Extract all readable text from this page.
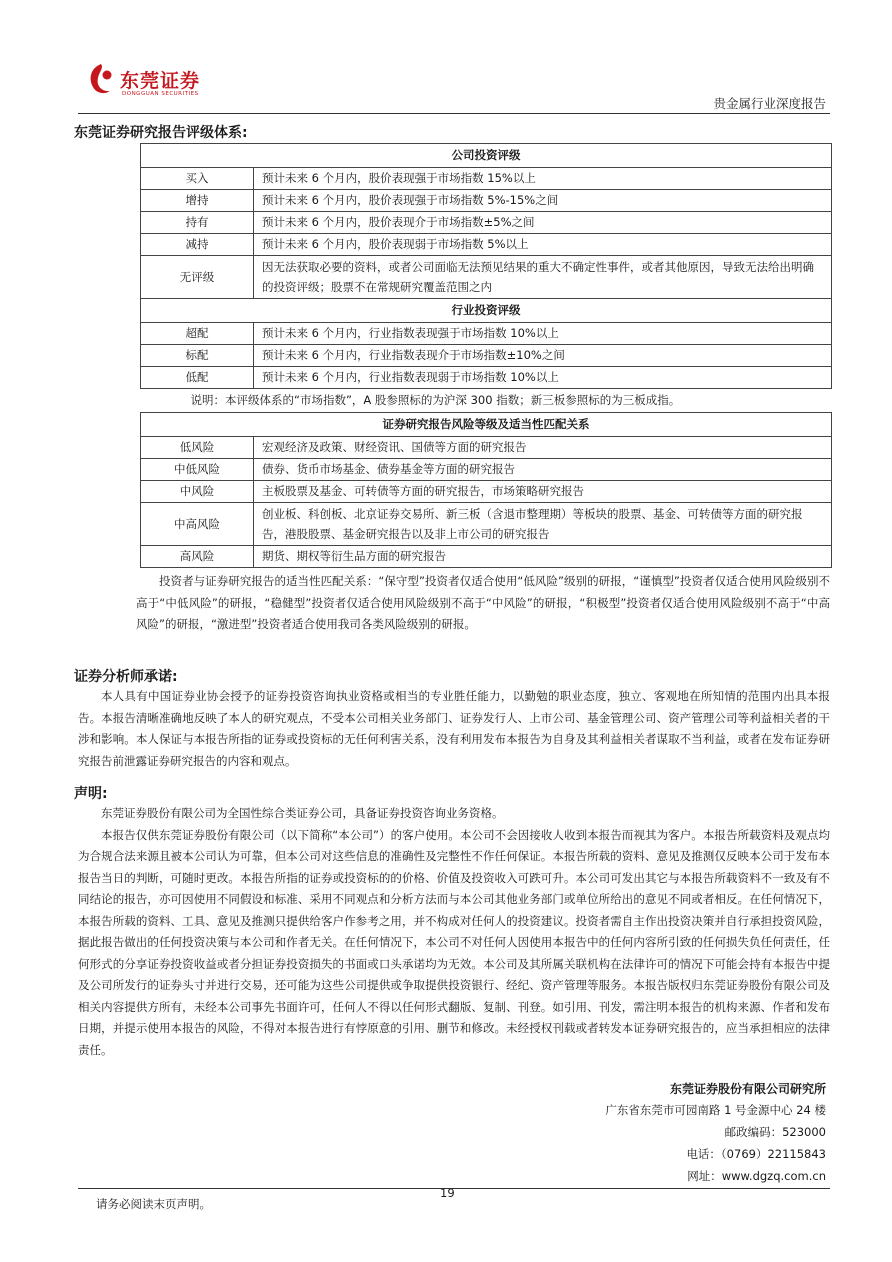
东莞证券
DONGGUAN SECURITIES
贵金属行业深度报告
东莞证券研究报告评级体系:
公司投资评级	
买入	预计未来 6 个月内，股价表现强于市场指数 15%以上
增持	预计未来 6 个月内，股价表现强于市场指数 5%-15%之间
持有	预计未来 6 个月内，股价表现介于市场指数±5%之间
减持	预计未来 6 个月内，股价表现弱于市场指数 5%以上
无评级	因无法获取必要的资料，或者公司面临无法预见结果的重大不确定性事件，或者其他原因，导致无法给出明确的投资评级；股票不在常规研究覆盖范围之内
行业投资评级	
超配	预计未来 6 个月内，行业指数表现强于市场指数 10%以上
标配	预计未来 6 个月内，行业指数表现介于市场指数±10%之间
低配	预计未来 6 个月内，行业指数表现弱于市场指数 10%以上
说明：本评级体系的“市场指数”，A 股参照标的为沪深 300 指数；新三板参照标的为三板成指。	
证券研究报告风险等级及适当性匹配关系	
低风险	宏观经济及政策、财经资讯、国债等方面的研究报告
中低风险	债券、货币市场基金、债券基金等方面的研究报告
中风险	主板股票及基金、可转债等方面的研究报告，市场策略研究报告
中高风险	创业板、科创板、北京证券交易所、新三板（含退市整理期）等板块的股票、基金、可转债等方面的研究报告，港股股票、基金研究报告以及非上市公司的研究报告
高风险	期货、期权等衍生品方面的研究报告

投资者与证券研究报告的适当性匹配关系：“保守型”投资者仅适合使用“低风险”级别的研报，“谨慎型”投资者仅适合使用风险级别不高于“中低风险”的研报，“稳健型”投资者仅适合使用风险级别不高于“中风险”的研报，“积极型”投资者仅适合使用风险级别不高于“中高风险”的研报，“激进型”投资者适合使用我司各类风险级别的研报。

证券分析师承诺:

本人具有中国证券业协会授予的证券投资咨询执业资格或相当的专业胜任能力，以勤勉的职业态度，独立、客观地在所知情的范围内出具本报告。本报告清晰准确地反映了本人的研究观点，不受本公司相关业务部门、证券发行人、上市公司、基金管理公司、资产管理公司等利益相关者的干涉和影响。本人保证与本报告所指的证券或投资标的无任何利害关系，没有利用发布本报告为自身及其利益相关者谋取不当利益，或者在发布证券研究报告前泄露证券研究报告的内容和观点。

声明:

东莞证券股份有限公司为全国性综合类证券公司，具备证券投资咨询业务资格。

本报告仅供东莞证券股份有限公司（以下简称“本公司”）的客户使用。本公司不会因接收人收到本报告而视其为客户。本报告所载资料及观点均为合规合法来源且被本公司认为可靠，但本公司对这些信息的准确性及完整性不作任何保证。本报告所载的资料、意见及推测仅反映本公司于发布本报告当日的判断，可随时更改。本报告所指的证券或投资标的的价格、价值及投资收入可跌可升。本公司可发出其它与本报告所载资料不一致及有不同结论的报告，亦可因使用不同假设和标准、采用不同观点和分析方法而与本公司其他业务部门或单位所给出的意见不同或者相反。在任何情况下，本报告所载的资料、工具、意见及推测只提供给客户作参考之用，并不构成对任何人的投资建议。投资者需自主作出投资决策并自行承担投资风险，据此报告做出的任何投资决策与本公司和作者无关。在任何情况下，本公司不对任何人因使用本报告中的任何内容所引致的任何损失负任何责任，任何形式的分享证券投资收益或者分担证券投资损失的书面或口头承诺均为无效。本公司及其所属关联机构在法律许可的情况下可能会持有本报告中提及公司所发行的证券头寸并进行交易，还可能为这些公司提供或争取提供投资银行、经纪、资产管理等服务。本报告版权归东莞证券股份有限公司及相关内容提供方所有，未经本公司事先书面许可，任何人不得以任何形式翻版、复制、刊登。如引用、刊发，需注明本报告的机构来源、作者和发布日期，并提示使用本报告的风险，不得对本报告进行有悖原意的引用、删节和修改。未经授权刊载或者转发本证券研究报告的，应当承担相应的法律责任。

东莞证券股份有限公司研究所
广东省东莞市可园南路 1 号金源中心 24 楼
邮政编码：523000
电话：（0769）22115843
网址：www.dgzq.com.cn
19
请务必阅读末页声明。
